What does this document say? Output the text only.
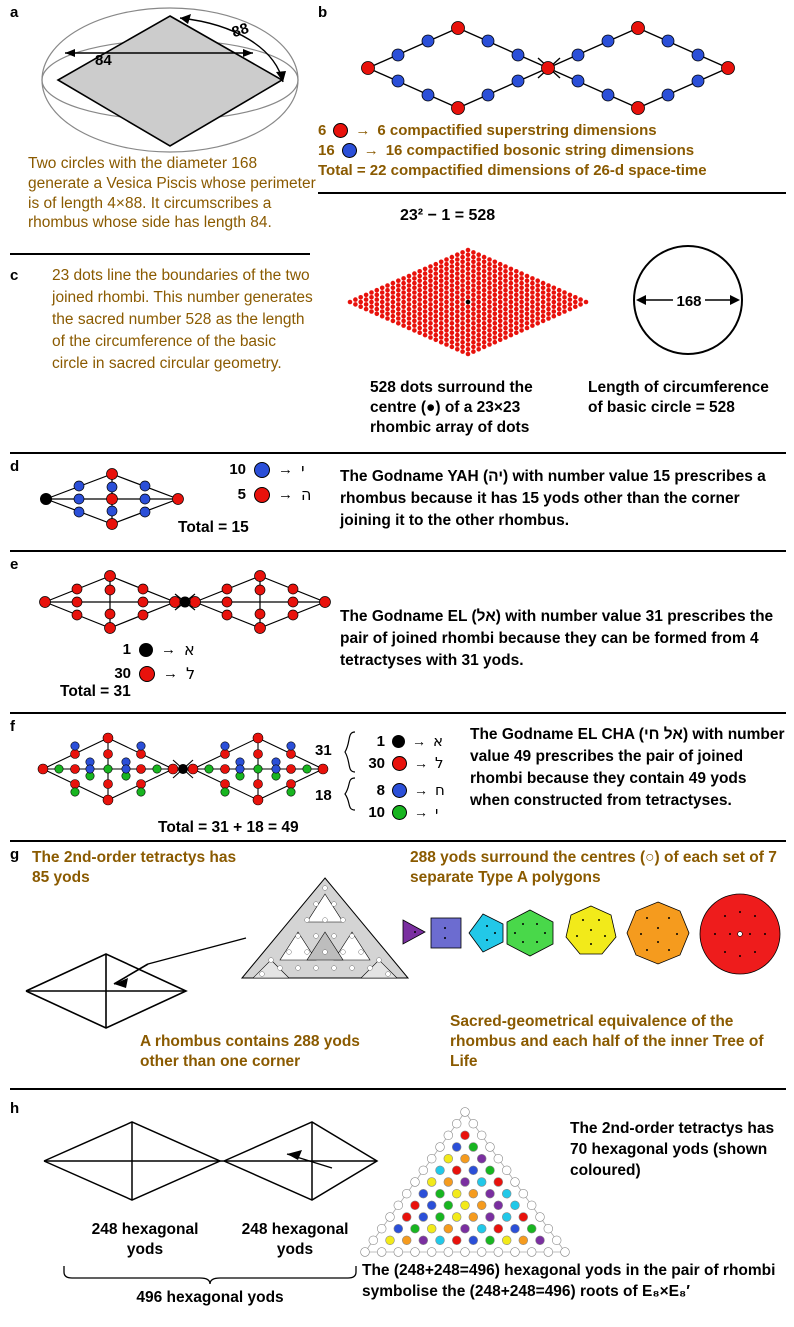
a
88
84
Two circles with the diameter 168 generate a Vesica Piscis whose perimeter is of length 4×88. It circumscribes a rhombus whose side has length 84.
c 23 dots line the boundaries of the two joined rhombi. This number generates the sacred number 528 as the length of the circumference of the basic circle in sacred circular geometry.
b
6 → 6 compactified superstring dimensions
16 → 16 compactified bosonic string dimensions
Total = 22 compactified dimensions of 26-d space-time
23² − 1 = 528
168
528 dots surround the centre (●) of a 23×23 rhombic array of dots
Length of circumference of basic circle = 528
d	10 → י
5 → ה
Total = 15
The Godname YAH (יה) with number value 15 prescribes a rhombus because it has 15 yods other than the corner joining it to the other rhombus.
e
1 → א
30 → ל
Total = 31
The Godname EL (אל) with number value 31 prescribes the pair of joined rhombi because they can be formed from 4 tetractyses with 31 yods.
f
Total = 31 + 18 = 49
31
18
1 → א
30 → ל
8 → ח
10 → י
The Godname EL CHA (אל חי) with number value 49 prescribes the pair of joined rhombi because they contain 49 yods when constructed from tetractyses.
g The 2nd-order tetractys has 85 yods
A rhombus contains 288 yods other than one corner
288 yods surround the centres (○) of each set of 7 separate Type A polygons
Sacred-geometrical equivalence of the rhombus and each half of the inner Tree of Life
h
248 hexagonal yods
248 hexagonal yods
496 hexagonal yods
The 2nd-order tetractys has 70 hexagonal yods (shown coloured)
The (248+248=496) hexagonal yods in the pair of rhombi symbolise the (248+248=496) roots of E₈×E₈′
